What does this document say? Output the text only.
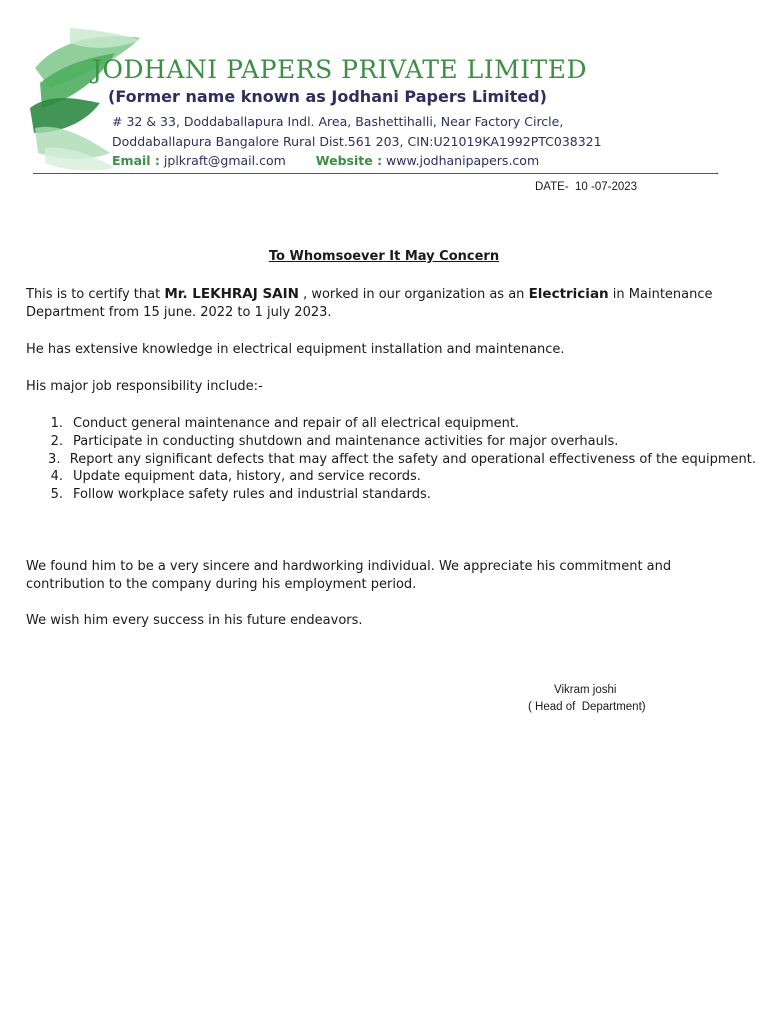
JODHANI PAPERS PRIVATE LIMITED
(Former name known as Jodhani Papers Limited)
# 32 & 33, Doddaballapura Indl. Area, Bashettihalli, Near Factory Circle,
Doddaballapura Bangalore Rural Dist.561 203, CIN:U21019KA1992PTC038321
Email : jplkraft@gmail.com Website : www.jodhanipapers.com
.
DATE-  10 -07-2023
To Whomsoever It May Concern

This is to certify that Mr. LEKHRAJ SAIN , worked in our organization as an Electrician in Maintenance Department from 15 june. 2022 to 1 july 2023.

He has extensive knowledge in electrical equipment installation and maintenance.

His major job responsibility include:-

1. Conduct general maintenance and repair of all electrical equipment.
2. Participate in conducting shutdown and maintenance activities for major overhauls.
3. Report any significant defects that may affect the safety and operational effectiveness of the equipment.
4. Update equipment data, history, and service records.
5. Follow workplace safety rules and industrial standards.

We found him to be a very sincere and hardworking individual. We appreciate his commitment and contribution to the company during his employment period.

We wish him every success in his future endeavors.

Vikram joshi
( Head of  Department)
